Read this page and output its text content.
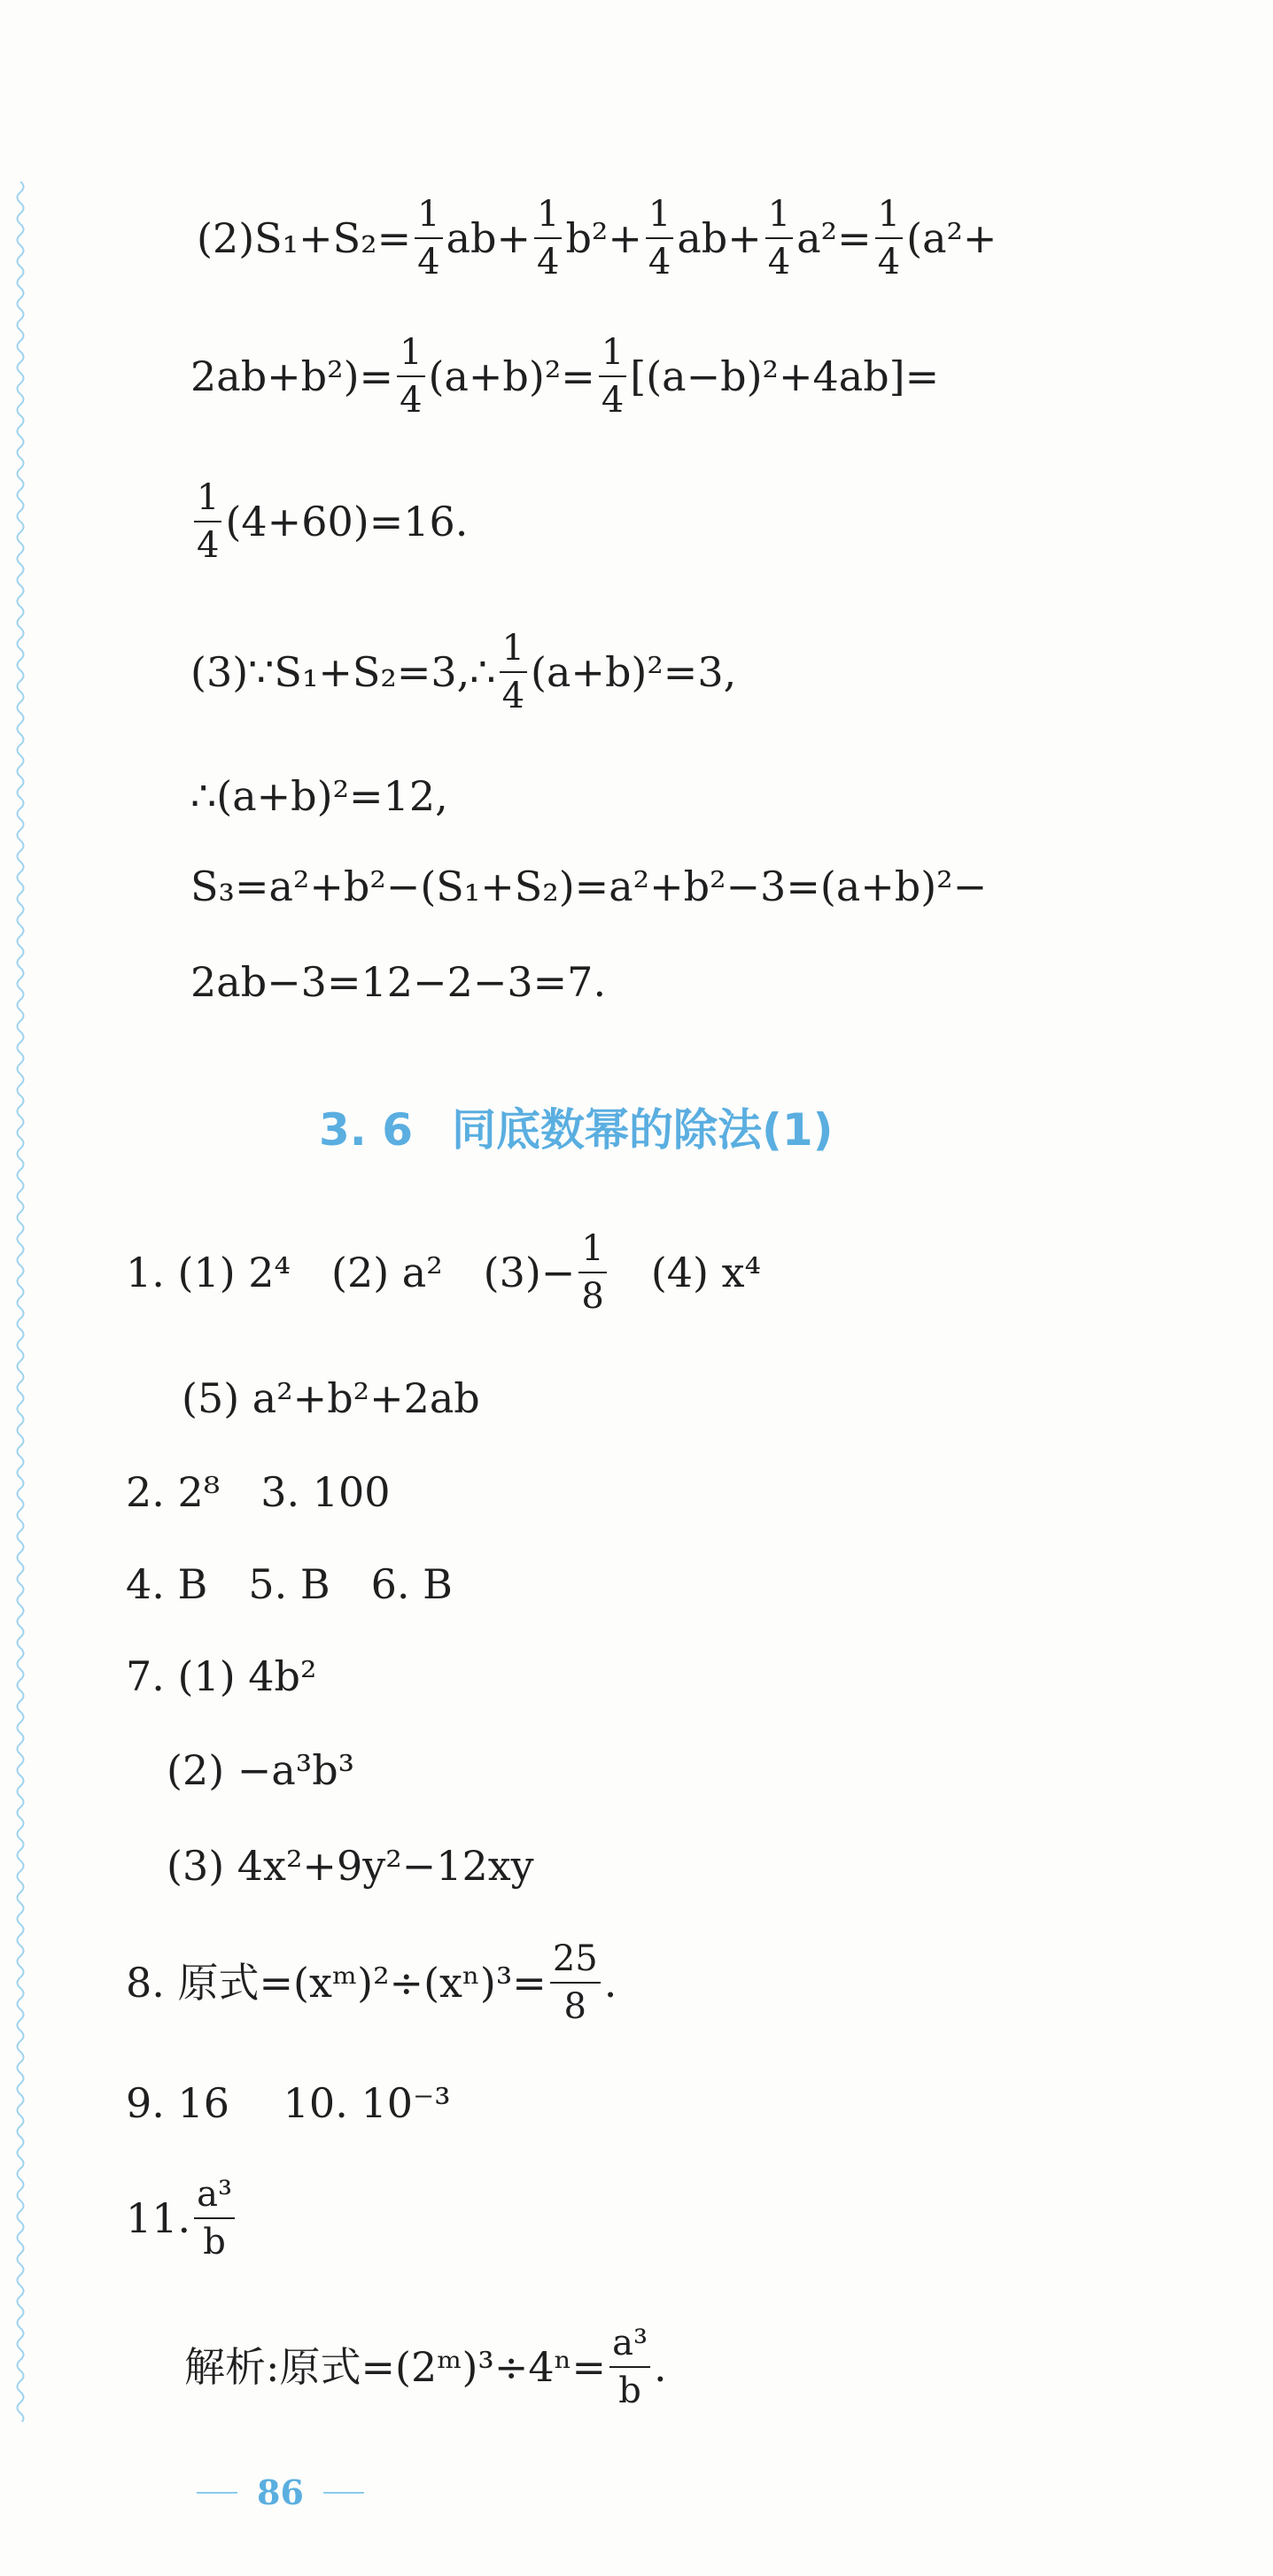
$(2)S_1+S_2= \frac{1}{4} ab+ \frac{1}{4} b^2+ \frac{1}{4} ab+ \frac{1}{4} a^2= \frac{1}{4} (a^2+$
$2ab+b^2)= \frac{1}{4} (a+b)^2= \frac{1}{4} [(a-b)^2+4ab]=$
$\frac{1}{4} (4+60)=16$.
(3)∵S₁+S₂=3,∴ $\frac{1}{4} (a+b)^2=3$,
∴(a+b)²=12,
S₃=a²+b²−(S₁+S₂)=a²+b²−3=(a+b)²−
2ab−3=12−2−3=7.
3. 6 同底数幂的除法(1)
1. (1) 2⁴　(2) a²　$(3)- \frac{1}{8}$ 　(4) x⁴
(5) a²+b²+2ab
2. 2⁸　3. 100
4. B　5. B　6. B
7. (1) 4b²
(2) −a³b³
(3) 4x²+9y²−12xy
8. 原式=(xᵐ)²÷(xⁿ)³= $\frac{25}{8}$ .
9. 16　 10. 10⁻³
11. $\frac{\text{a³}}{b}$
解析:原式=(2ᵐ)³÷4ⁿ= $\frac{\text{a³}}{b}$ .
86
